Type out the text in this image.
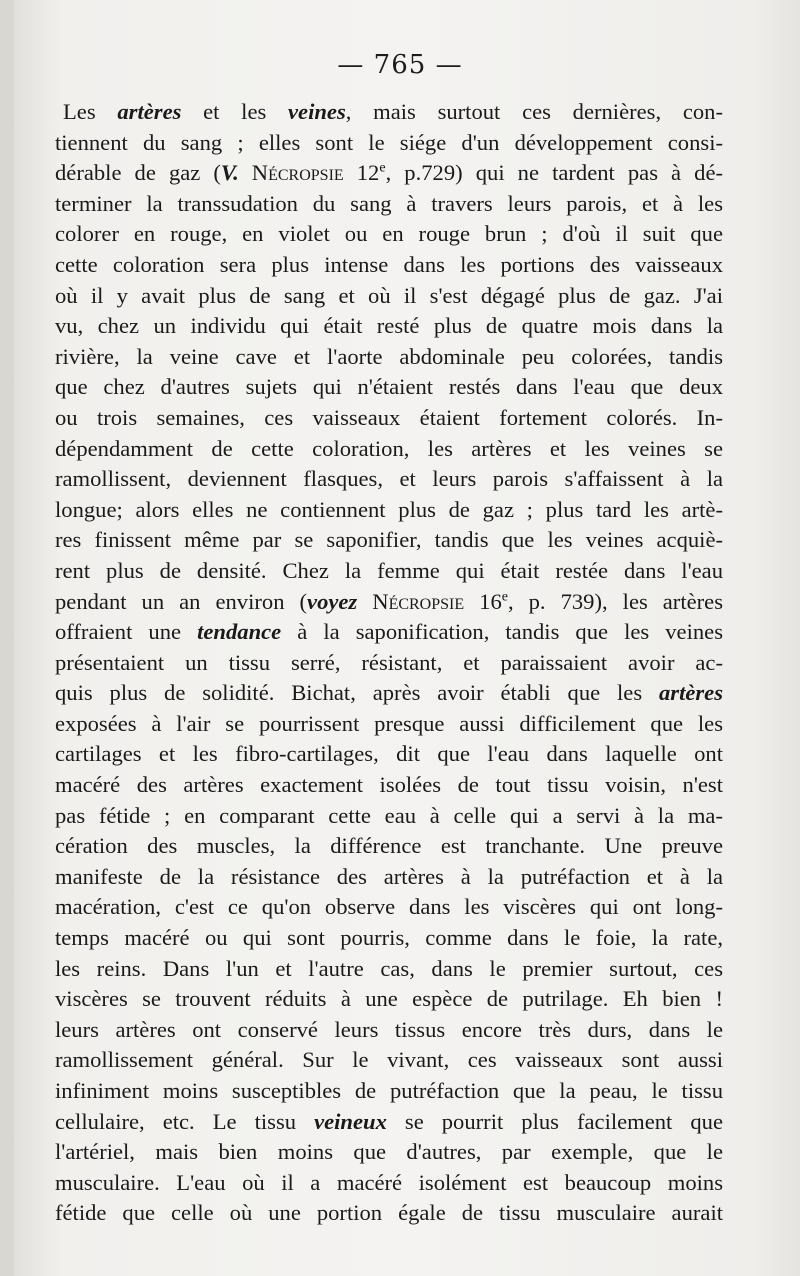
— 765 —
Les artères et les veines, mais surtout ces dernières, con-
tiennent du sang ; elles sont le siége d'un développement consi-
dérable de gaz (V. Nécropsie 12e, p.729) qui ne tardent pas à dé-
terminer la transsudation du sang à travers leurs parois, et à les
colorer en rouge, en violet ou en rouge brun ; d'où il suit que
cette coloration sera plus intense dans les portions des vaisseaux
où il y avait plus de sang et où il s'est dégagé plus de gaz. J'ai
vu, chez un individu qui était resté plus de quatre mois dans la
rivière, la veine cave et l'aorte abdominale peu colorées, tandis
que chez d'autres sujets qui n'étaient restés dans l'eau que deux
ou trois semaines, ces vaisseaux étaient fortement colorés. In-
dépendamment de cette coloration, les artères et les veines se
ramollissent, deviennent flasques, et leurs parois s'affaissent à la
longue; alors elles ne contiennent plus de gaz ; plus tard les artè-
res finissent même par se saponifier, tandis que les veines acquiè-
rent plus de densité. Chez la femme qui était restée dans l'eau
pendant un an environ (voyez Nécropsie 16e, p. 739), les artères
offraient une tendance à la saponification, tandis que les veines
présentaient un tissu serré, résistant, et paraissaient avoir ac-
quis plus de solidité. Bichat, après avoir établi que les artères
exposées à l'air se pourrissent presque aussi difficilement que les
cartilages et les fibro-cartilages, dit que l'eau dans laquelle ont
macéré des artères exactement isolées de tout tissu voisin, n'est
pas fétide ; en comparant cette eau à celle qui a servi à la ma-
cération des muscles, la différence est tranchante. Une preuve
manifeste de la résistance des artères à la putréfaction et à la
macération, c'est ce qu'on observe dans les viscères qui ont long-
temps macéré ou qui sont pourris, comme dans le foie, la rate,
les reins. Dans l'un et l'autre cas, dans le premier surtout, ces
viscères se trouvent réduits à une espèce de putrilage. Eh bien !
leurs artères ont conservé leurs tissus encore très durs, dans le
ramollissement général. Sur le vivant, ces vaisseaux sont aussi
infiniment moins susceptibles de putréfaction que la peau, le tissu
cellulaire, etc. Le tissu veineux se pourrit plus facilement que
l'artériel, mais bien moins que d'autres, par exemple, que le
musculaire. L'eau où il a macéré isolément est beaucoup moins
fétide que celle où une portion égale de tissu musculaire aurait
